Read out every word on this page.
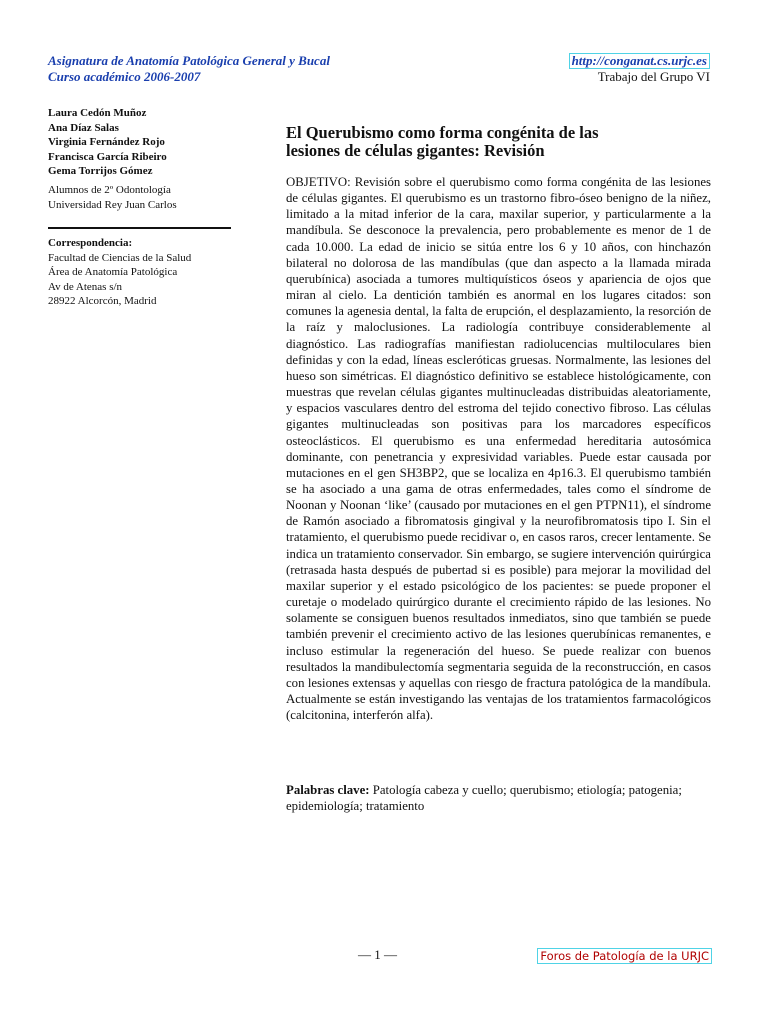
Asignatura de Anatomía Patológica General y Bucal
Curso académico 2006-2007
http://conganat.cs.urjc.es
Trabajo del Grupo VI
Laura Cedón Muñoz
Ana Díaz Salas
Virginia Fernández Rojo
Francisca García Ribeiro
Gema Torrijos Gómez
Alumnos de 2º Odontología
Universidad Rey Juan Carlos
Correspondencia:
Facultad de Ciencias de la Salud
Área de Anatomía Patológica
Av de Atenas s/n
28922 Alcorcón, Madrid
El Querubismo como forma congénita de las
lesiones de células gigantes: Revisión
OBJETIVO: Revisión sobre el querubismo como forma congénita de las lesiones de células gigantes. El querubismo es un trastorno fibro-óseo benigno de la niñez, limitado a la mitad inferior de la cara, maxilar superior, y particularmente a la mandíbula. Se desconoce la prevalencia, pero probablemente es menor de 1 de cada 10.000. La edad de inicio se sitúa entre los 6 y 10 años, con hinchazón bilateral no dolorosa de las mandíbulas (que dan aspecto a la llamada mirada querubínica) asociada a tumores multiquísticos óseos y apariencia de ojos que miran al cielo. La dentición también es anormal en los lugares citados: son comunes la agenesia dental, la falta de erupción, el desplazamiento, la resorción de la raíz y maloclusiones. La radiología contribuye considerablemente al diagnóstico. Las radiografías manifiestan radiolucencias multiloculares bien definidas y con la edad, líneas escleróticas gruesas. Normalmente, las lesiones del hueso son simétricas. El diagnóstico definitivo se establece histológicamente, con muestras que revelan células gigantes multinucleadas distribuidas aleatoriamente, y espacios vasculares dentro del estroma del tejido conectivo fibroso. Las células gigantes multinucleadas son positivas para los marcadores específicos osteoclásticos. El querubismo es una enfermedad hereditaria autosómica dominante, con penetrancia y expresividad variables. Puede estar causada por mutaciones en el gen SH3BP2, que se localiza en 4p16.3. El querubismo también se ha asociado a una gama de otras enfermedades, tales como el síndrome de Noonan y Noonan ‘like’ (causado por mutaciones en el gen PTPN11), el síndrome de Ramón asociado a fibromatosis gingival y la neurofibromatosis tipo I. Sin el tratamiento, el querubismo puede recidivar o, en casos raros, crecer lentamente. Se indica un tratamiento conservador. Sin embargo, se sugiere intervención quirúrgica (retrasada hasta después de pubertad si es posible) para mejorar la movilidad del maxilar superior y el estado psicológico de los pacientes: se puede proponer el curetaje o modelado quirúrgico durante el crecimiento rápido de las lesiones. No solamente se consiguen buenos resultados inmediatos, sino que también se puede también prevenir el crecimiento activo de las lesiones querubínicas remanentes, e incluso estimular la regeneración del hueso. Se puede realizar con buenos resultados la mandibulectomía segmentaria seguida de la reconstrucción, en casos con lesiones extensas y aquellas con riesgo de fractura patológica de la mandíbula. Actualmente se están investigando las ventajas de los tratamientos farmacológicos (calcitonina, interferón alfa).
Palabras clave: Patología cabeza y cuello; querubismo; etiología; patogenia; epidemiología; tratamiento
— 1 —	Foros de Patología de la URJC
